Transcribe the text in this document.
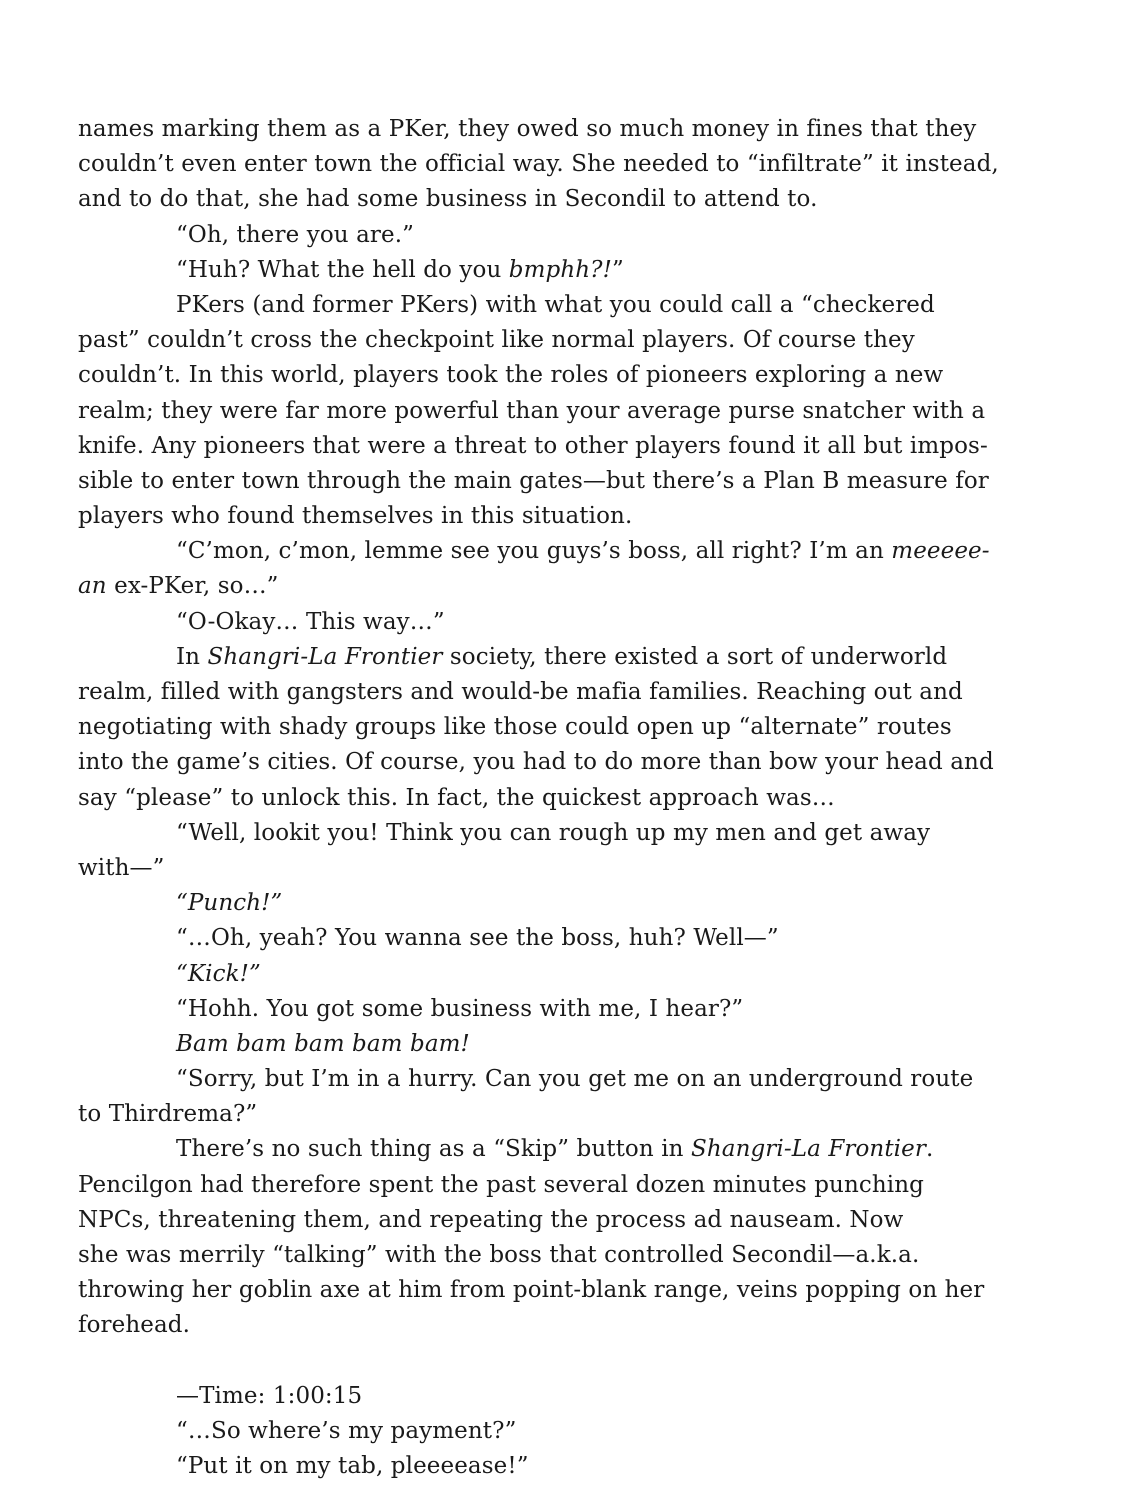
names marking them as a PKer, they owed so much money in fines that they
couldn’t even enter town the official way. She needed to “infiltrate” it instead,
and to do that, she had some business in Secondil to attend to.
“Oh, there you are.”
“Huh? What the hell do you bmphh?!”
PKers (and former PKers) with what you could call a “checkered
past” couldn’t cross the checkpoint like normal players. Of course they
couldn’t. In this world, players took the roles of pioneers exploring a new
realm; they were far more powerful than your average purse snatcher with a
knife. Any pioneers that were a threat to other players found it all but impos-
sible to enter town through the main gates—but there’s a Plan B measure for
players who found themselves in this situation.
“C’mon, c’mon, lemme see you guys’s boss, all right? I’m an meeeee-
an ex-PKer, so…”
“O-Okay… This way…”
In Shangri-La Frontier society, there existed a sort of underworld
realm, filled with gangsters and would-be mafia families. Reaching out and
negotiating with shady groups like those could open up “alternate” routes
into the game’s cities. Of course, you had to do more than bow your head and
say “please” to unlock this. In fact, the quickest approach was…
“Well, lookit you! Think you can rough up my men and get away
with—”
“Punch!”
“…Oh, yeah? You wanna see the boss, huh? Well—”
“Kick!”
“Hohh. You got some business with me, I hear?”
Bam bam bam bam bam!
“Sorry, but I’m in a hurry. Can you get me on an underground route
to Thirdrema?”
There’s no such thing as a “Skip” button in Shangri-La Frontier.
Pencilgon had therefore spent the past several dozen minutes punching
NPCs, threatening them, and repeating the process ad nauseam. Now
she was merrily “talking” with the boss that controlled Secondil—a.k.a.
throwing her goblin axe at him from point-blank range, veins popping on her
forehead.
—Time: 1:00:15
“…So where’s my payment?”
“Put it on my tab, pleeeease!”
